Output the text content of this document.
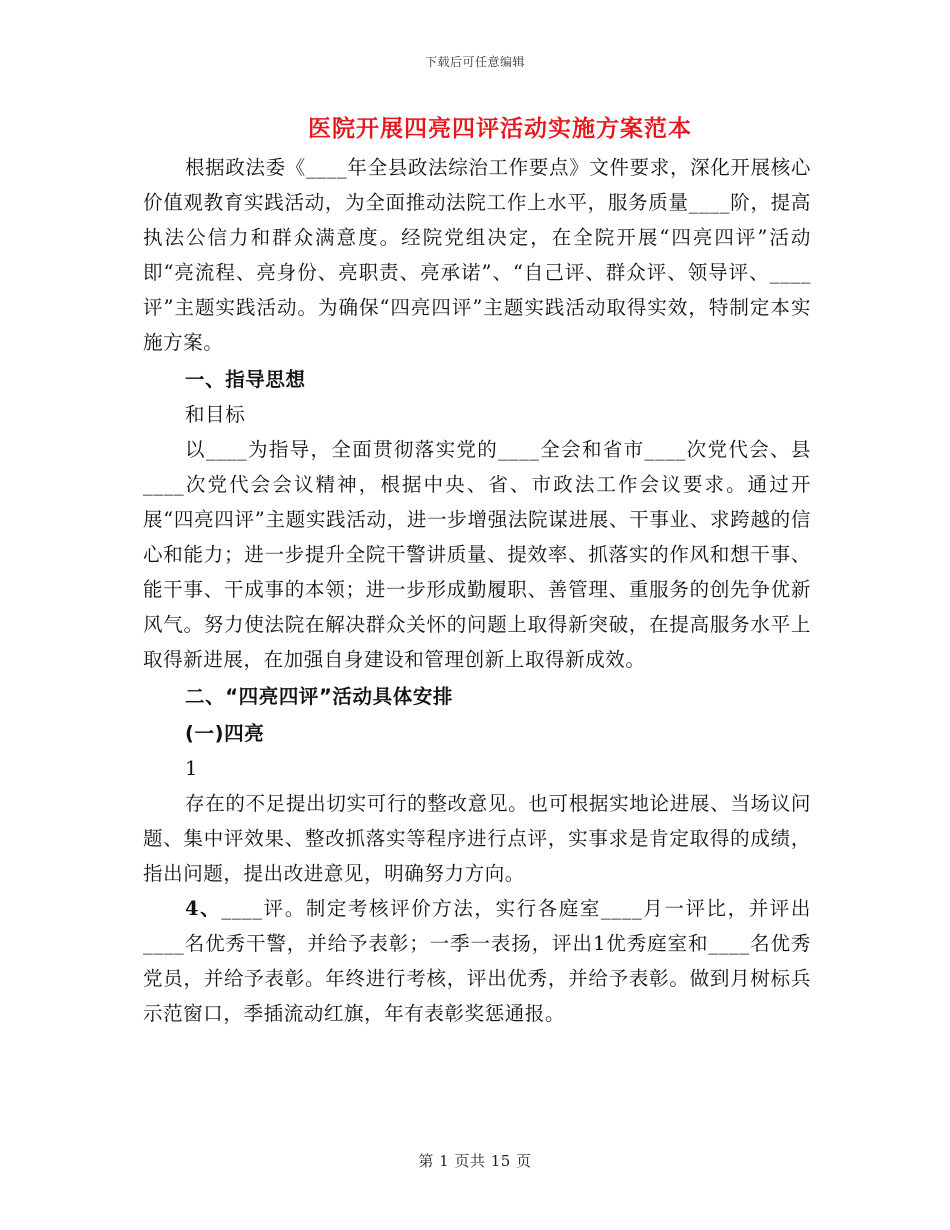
下载后可任意编辑
医院开展四亮四评活动实施方案范本

根据政法委《____年全县政法综治工作要点》文件要求，深化开展核心价值观教育实践活动，为全面推动法院工作上水平，服务质量____阶，提高执法公信力和群众满意度。经院党组决定，在全院开展“四亮四评”活动即“亮流程、亮身份、亮职责、亮承诺”、“自己评、群众评、领导评、____评”主题实践活动。为确保“四亮四评”主题实践活动取得实效，特制定本实施方案。

一、指导思想

和目标

以____为指导，全面贯彻落实党的____全会和省市____次党代会、县____次党代会会议精神，根据中央、省、市政法工作会议要求。通过开展“四亮四评”主题实践活动，进一步增强法院谋进展、干事业、求跨越的信心和能力；进一步提升全院干警讲质量、提效率、抓落实的作风和想干事、能干事、干成事的本领；进一步形成勤履职、善管理、重服务的创先争优新风气。努力使法院在解决群众关怀的问题上取得新突破，在提高服务水平上取得新进展，在加强自身建设和管理创新上取得新成效。

二、“四亮四评”活动具体安排

(一)四亮

1

存在的不足提出切实可行的整改意见。也可根据实地论进展、当场议问题、集中评效果、整改抓落实等程序进行点评，实事求是肯定取得的成绩，指出问题，提出改进意见，明确努力方向。

4、____评。制定考核评价方法，实行各庭室____月一评比，并评出____名优秀干警，并给予表彰；一季一表扬，评出1优秀庭室和____名优秀党员，并给予表彰。年终进行考核，评出优秀，并给予表彰。做到月树标兵示范窗口，季插流动红旗，年有表彰奖惩通报。

第 1 页共 15 页
